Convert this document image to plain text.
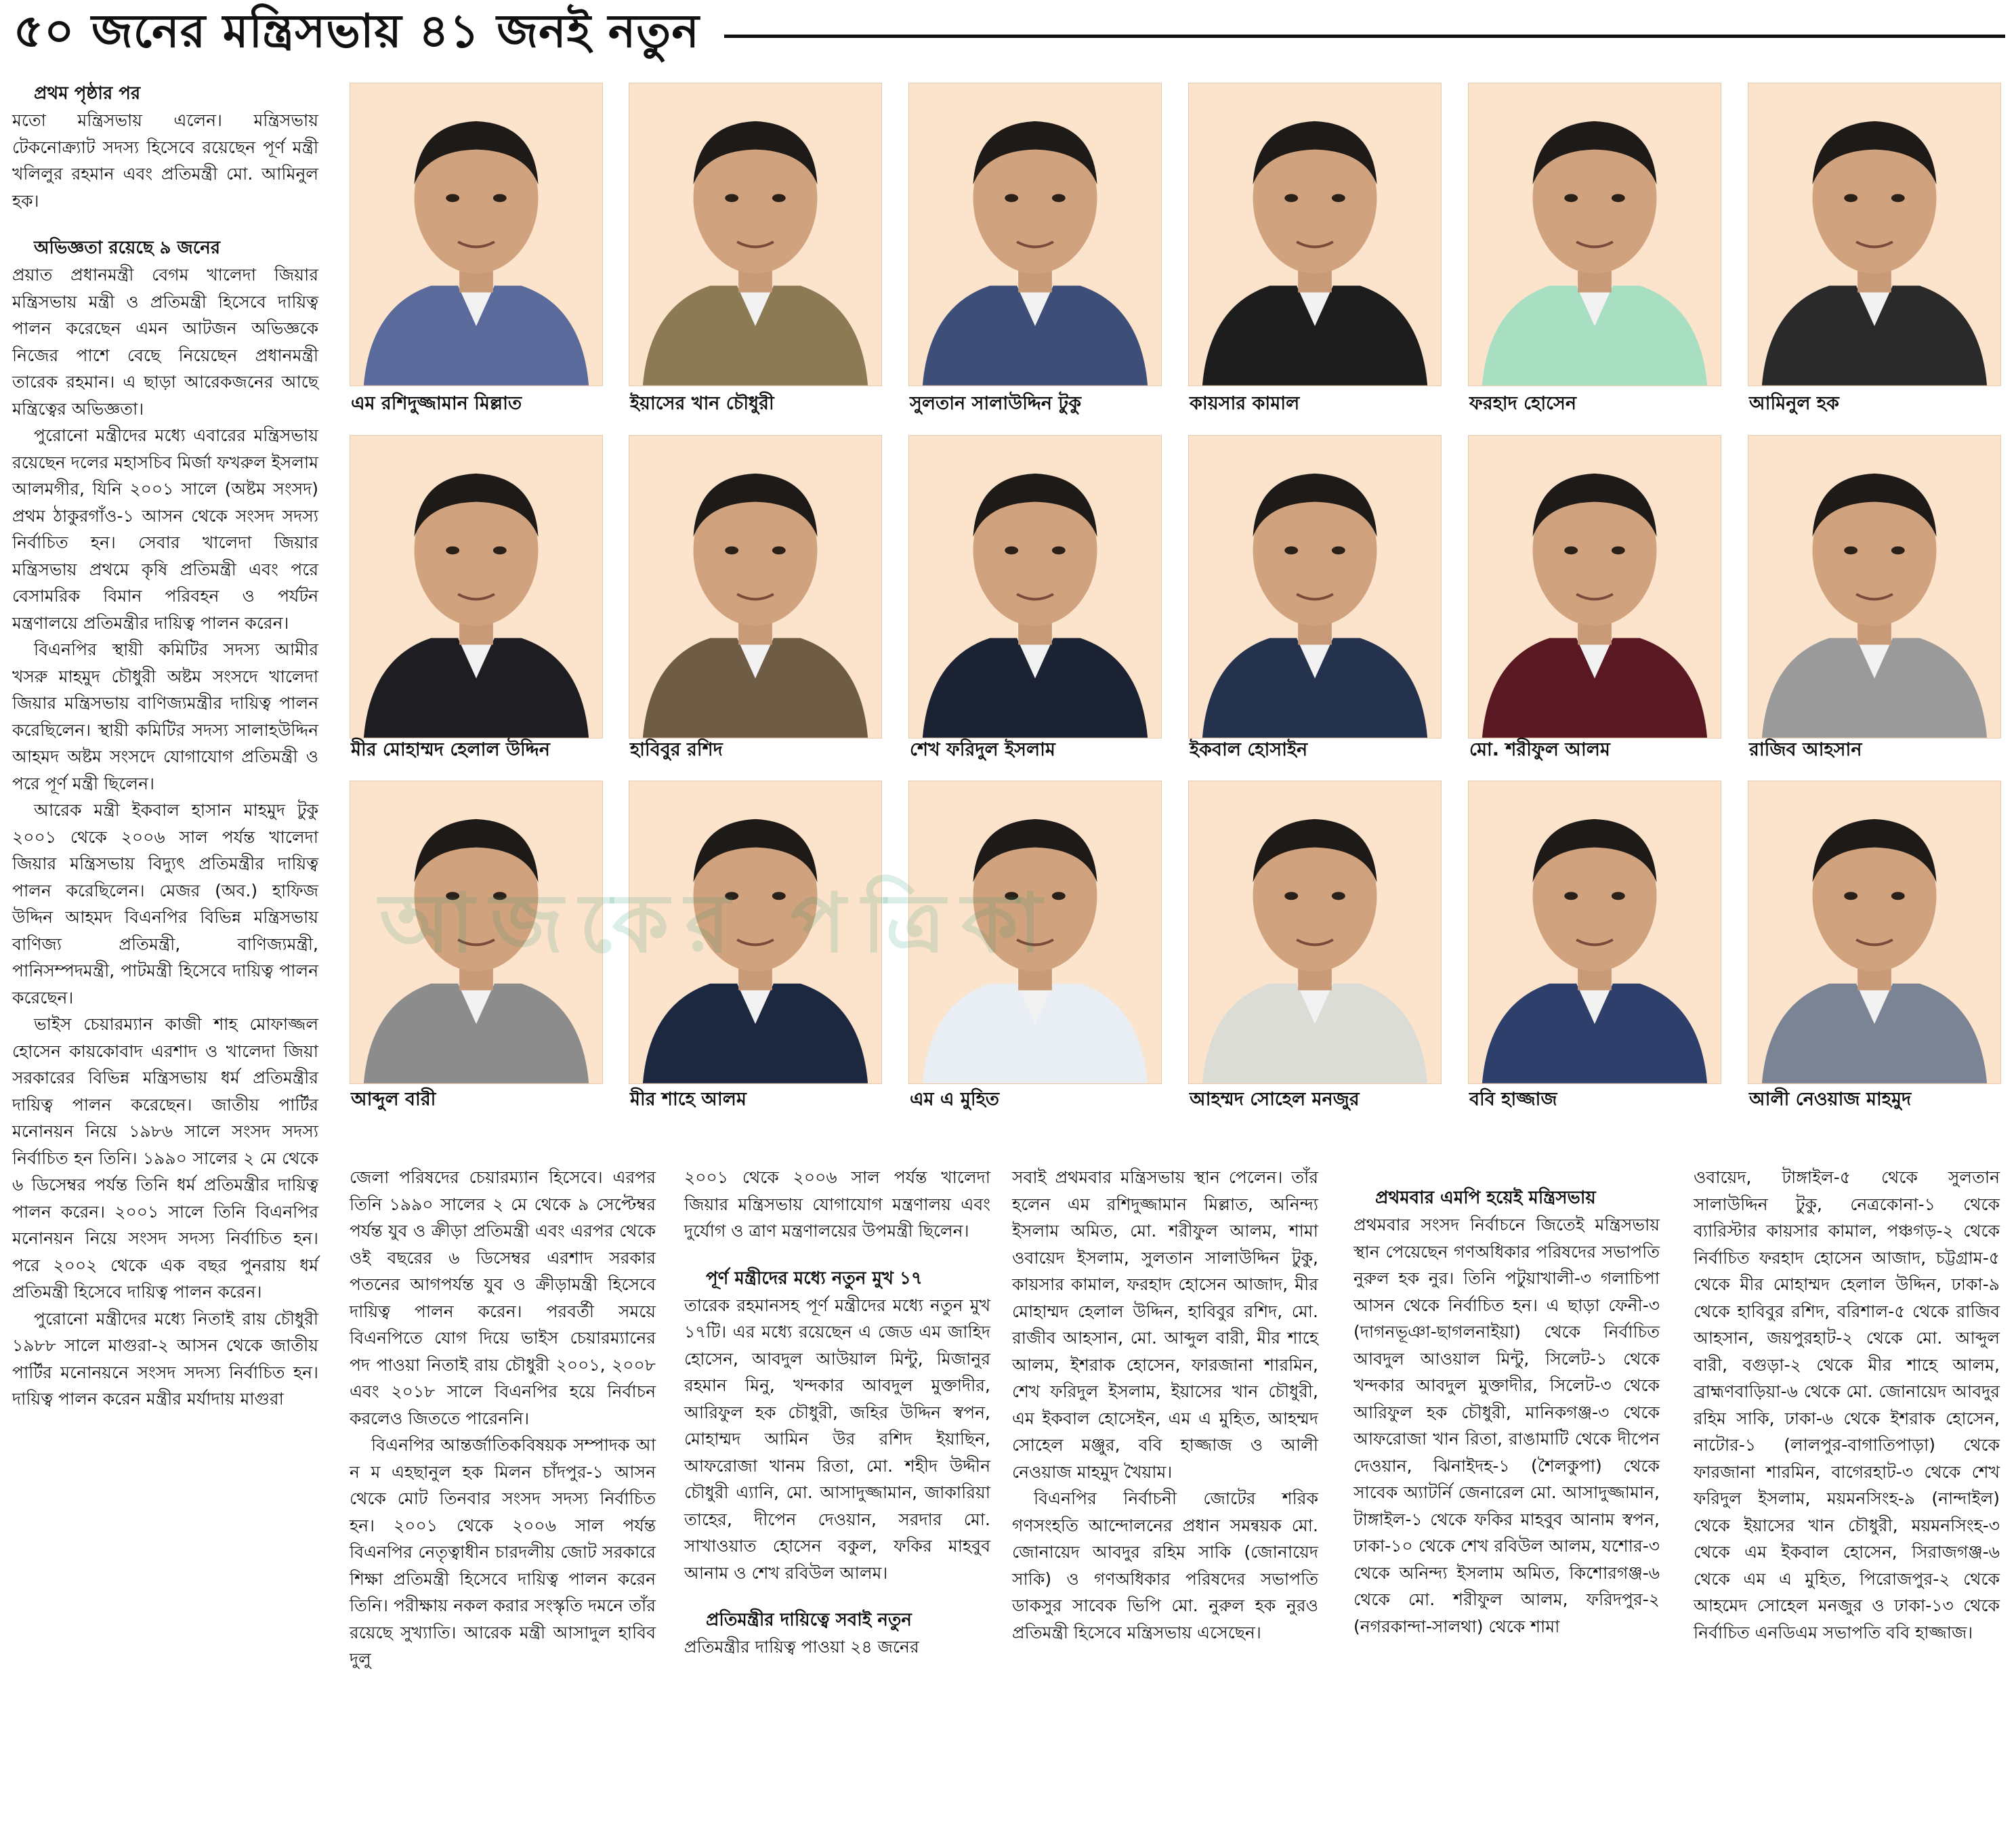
৫০ জনের মন্ত্রিসভায় ৪১ জনই নতুন

প্রথম পৃষ্ঠার পর

মতো মন্ত্রিসভায় এলেন। মন্ত্রিসভায় টেকনোক্র্যাট সদস্য হিসেবে রয়েছেন পূর্ণ মন্ত্রী খলিলুর রহমান এবং প্রতিমন্ত্রী মো. আমিনুল হক।

অভিজ্ঞতা রয়েছে ৯ জনের

প্রয়াত প্রধানমন্ত্রী বেগম খালেদা জিয়ার মন্ত্রিসভায় মন্ত্রী ও প্রতিমন্ত্রী হিসেবে দায়িত্ব পালন করেছেন এমন আটজন অভিজ্ঞকে নিজের পাশে বেছে নিয়েছেন প্রধানমন্ত্রী তারেক রহমান। এ ছাড়া আরেকজনের আছে মন্ত্রিত্বের অভিজ্ঞতা।

পুরোনো মন্ত্রীদের মধ্যে এবারের মন্ত্রিসভায় রয়েছেন দলের মহাসচিব মির্জা ফখরুল ইসলাম আলমগীর, যিনি ২০০১ সালে (অষ্টম সংসদ) প্রথম ঠাকুরগাঁও-১ আসন থেকে সংসদ সদস্য নির্বাচিত হন। সেবার খালেদা জিয়ার মন্ত্রিসভায় প্রথমে কৃষি প্রতিমন্ত্রী এবং পরে বেসামরিক বিমান পরিবহন ও পর্যটন মন্ত্রণালয়ে প্রতিমন্ত্রীর দায়িত্ব পালন করেন।

বিএনপির স্থায়ী কমিটির সদস্য আমীর খসরু মাহমুদ চৌধুরী অষ্টম সংসদে খালেদা জিয়ার মন্ত্রিসভায় বাণিজ্যমন্ত্রীর দায়িত্ব পালন করেছিলেন। স্থায়ী কমিটির সদস্য সালাহউদ্দিন আহমদ অষ্টম সংসদে যোগাযোগ প্রতিমন্ত্রী ও পরে পূর্ণ মন্ত্রী ছিলেন।

আরেক মন্ত্রী ইকবাল হাসান মাহমুদ টুকু ২০০১ থেকে ২০০৬ সাল পর্যন্ত খালেদা জিয়ার মন্ত্রিসভায় বিদ্যুৎ প্রতিমন্ত্রীর দায়িত্ব পালন করেছিলেন। মেজর (অব.) হাফিজ উদ্দিন আহমদ বিএনপির বিভিন্ন মন্ত্রিসভায় বাণিজ্য প্রতিমন্ত্রী, বাণিজ্যমন্ত্রী, পানিসম্পদমন্ত্রী, পাটমন্ত্রী হিসেবে দায়িত্ব পালন করেছেন।

ভাইস চেয়ারম্যান কাজী শাহ মোফাজ্জল হোসেন কায়কোবাদ এরশাদ ও খালেদা জিয়া সরকারের বিভিন্ন মন্ত্রিসভায় ধর্ম প্রতিমন্ত্রীর দায়িত্ব পালন করেছেন। জাতীয় পার্টির মনোনয়ন নিয়ে ১৯৮৬ সালে সংসদ সদস্য নির্বাচিত হন তিনি। ১৯৯০ সালের ২ মে থেকে ৬ ডিসেম্বর পর্যন্ত তিনি ধর্ম প্রতিমন্ত্রীর দায়িত্ব পালন করেন। ২০০১ সালে তিনি বিএনপির মনোনয়ন নিয়ে সংসদ সদস্য নির্বাচিত হন। পরে ২০০২ থেকে এক বছর পুনরায় ধর্ম প্রতিমন্ত্রী হিসেবে দায়িত্ব পালন করেন।

পুরোনো মন্ত্রীদের মধ্যে নিতাই রায় চৌধুরী ১৯৮৮ সালে মাগুরা-২ আসন থেকে জাতীয় পার্টির মনোনয়নে সংসদ সদস্য নির্বাচিত হন। দায়িত্ব পালন করেন মন্ত্রীর মর্যাদায় মাগুরা

এম রশিদুজ্জামান মিল্লাত	ইয়াসের খান চৌধুরী	সুলতান সালাউদ্দিন টুকু	কায়সার কামাল	ফরহাদ হোসেন	আমিনুল হক
মীর মোহাম্মদ হেলাল উদ্দিন	হাবিবুর রশিদ	শেখ ফরিদুল ইসলাম	ইকবাল হোসাইন	মো. শরীফুল আলম	রাজিব আহসান
আব্দুল বারী	মীর শাহে আলম	এম এ মুহিত	আহম্মদ সোহেল মনজুর	ববি হাজ্জাজ	আলী নেওয়াজ মাহমুদ

জেলা পরিষদের চেয়ারম্যান হিসেবে। এরপর তিনি ১৯৯০ সালের ২ মে থেকে ৯ সেপ্টেম্বর পর্যন্ত যুব ও ক্রীড়া প্রতিমন্ত্রী এবং এরপর থেকে ওই বছরের ৬ ডিসেম্বর এরশাদ সরকার পতনের আগপর্যন্ত যুব ও ক্রীড়ামন্ত্রী হিসেবে দায়িত্ব পালন করেন। পরবর্তী সময়ে বিএনপিতে যোগ দিয়ে ভাইস চেয়ারম্যানের পদ পাওয়া নিতাই রায় চৌধুরী ২০০১, ২০০৮ এবং ২০১৮ সালে বিএনপির হয়ে নির্বাচন করলেও জিততে পারেননি।

বিএনপির আন্তর্জাতিকবিষয়ক সম্পাদক আ ন ম এহছানুল হক মিলন চাঁদপুর-১ আসন থেকে মোট তিনবার সংসদ সদস্য নির্বাচিত হন। ২০০১ থেকে ২০০৬ সাল পর্যন্ত বিএনপির নেতৃত্বাধীন চারদলীয় জোট সরকারে শিক্ষা প্রতিমন্ত্রী হিসেবে দায়িত্ব পালন করেন তিনি। পরীক্ষায় নকল করার সংস্কৃতি দমনে তাঁর রয়েছে সুখ্যাতি। আরেক মন্ত্রী আসাদুল হাবিব দুলু

২০০১ থেকে ২০০৬ সাল পর্যন্ত খালেদা জিয়ার মন্ত্রিসভায় যোগাযোগ মন্ত্রণালয় এবং দুর্যোগ ও ত্রাণ মন্ত্রণালয়ের উপমন্ত্রী ছিলেন।

পূর্ণ মন্ত্রীদের মধ্যে নতুন মুখ ১৭

তারেক রহমানসহ পূর্ণ মন্ত্রীদের মধ্যে নতুন মুখ ১৭টি। এর মধ্যে রয়েছেন এ জেড এম জাহিদ হোসেন, আবদুল আউয়াল মিন্টু, মিজানুর রহমান মিনু, খন্দকার আবদুল মুক্তাদীর, আরিফুল হক চৌধুরী, জহির উদ্দিন স্বপন, মোহাম্মদ আমিন উর রশিদ ইয়াছিন, আফরোজা খানম রিতা, মো. শহীদ উদ্দীন চৌধুরী এ্যানি, মো. আসাদুজ্জামান, জাকারিয়া তাহের, দীপেন দেওয়ান, সরদার মো. সাখাওয়াত হোসেন বকুল, ফকির মাহবুব আনাম ও শেখ রবিউল আলম।

প্রতিমন্ত্রীর দায়িত্বে সবাই নতুন

প্রতিমন্ত্রীর দায়িত্ব পাওয়া ২৪ জনের

সবাই প্রথমবার মন্ত্রিসভায় স্থান পেলেন। তাঁর হলেন এম রশিদুজ্জামান মিল্লাত, অনিন্দ্য ইসলাম অমিত, মো. শরীফুল আলম, শামা ওবায়েদ ইসলাম, সুলতান সালাউদ্দিন টুকু, কায়সার কামাল, ফরহাদ হোসেন আজাদ, মীর মোহাম্মদ হেলাল উদ্দিন, হাবিবুর রশিদ, মো. রাজীব আহসান, মো. আব্দুল বারী, মীর শাহে আলম, ইশরাক হোসেন, ফারজানা শারমিন, শেখ ফরিদুল ইসলাম, ইয়াসের খান চৌধুরী, এম ইকবাল হোসেইন, এম এ মুহিত, আহম্মদ সোহেল মঞ্জুর, ববি হাজ্জাজ ও আলী নেওয়াজ মাহমুদ খৈয়াম।

বিএনপির নির্বাচনী জোটের শরিক গণসংহতি আন্দোলনের প্রধান সমন্বয়ক মো. জোনায়েদ আবদুর রহিম সাকি (জোনায়েদ সাকি) ও গণঅধিকার পরিষদের সভাপতি ডাকসুর সাবেক ভিপি মো. নুরুল হক নুরও প্রতিমন্ত্রী হিসেবে মন্ত্রিসভায় এসেছেন।

প্রথমবার এমপি হয়েই মন্ত্রিসভায়

প্রথমবার সংসদ নির্বাচনে জিতেই মন্ত্রিসভায় স্থান পেয়েছেন গণঅধিকার পরিষদের সভাপতি নুরুল হক নুর। তিনি পটুয়াখালী-৩ গলাচিপা আসন থেকে নির্বাচিত হন। এ ছাড়া ফেনী-৩ (দাগনভূঞা-ছাগলনাইয়া) থেকে নির্বাচিত আবদুল আওয়াল মিন্টু, সিলেট-১ থেকে খন্দকার আবদুল মুক্তাদীর, সিলেট-৩ থেকে আরিফুল হক চৌধুরী, মানিকগঞ্জ-৩ থেকে আফরোজা খান রিতা, রাঙামাটি থেকে দীপেন দেওয়ান, ঝিনাইদহ-১ (শৈলকুপা) থেকে সাবেক অ্যাটর্নি জেনারেল মো. আসাদুজ্জামান, টাঙ্গাইল-১ থেকে ফকির মাহবুব আনাম স্বপন, ঢাকা-১০ থেকে শেখ রবিউল আলম, যশোর-৩ থেকে অনিন্দ্য ইসলাম অমিত, কিশোরগঞ্জ-৬ থেকে মো. শরীফুল আলম, ফরিদপুর-২ (নগরকান্দা-সালথা) থেকে শামা

ওবায়েদ, টাঙ্গাইল-৫ থেকে সুলতান সালাউদ্দিন টুকু, নেত্রকোনা-১ থেকে ব্যারিস্টার কায়সার কামাল, পঞ্চগড়-২ থেকে নির্বাচিত ফরহাদ হোসেন আজাদ, চট্টগ্রাম-৫ থেকে মীর মোহাম্মদ হেলাল উদ্দিন, ঢাকা-৯ থেকে হাবিবুর রশিদ, বরিশাল-৫ থেকে রাজিব আহসান, জয়পুরহাট-২ থেকে মো. আব্দুল বারী, বগুড়া-২ থেকে মীর শাহে আলম, ব্রাহ্মণবাড়িয়া-৬ থেকে মো. জোনায়েদ আবদুর রহিম সাকি, ঢাকা-৬ থেকে ইশরাক হোসেন, নাটোর-১ (লালপুর-বাগাতিপাড়া) থেকে ফারজানা শারমিন, বাগেরহাট-৩ থেকে শেখ ফরিদুল ইসলাম, ময়মনসিংহ-৯ (নান্দাইল) থেকে ইয়াসের খান চৌধুরী, ময়মনসিংহ-৩ থেকে এম ইকবাল হোসেন, সিরাজগঞ্জ-৬ থেকে এম এ মুহিত, পিরোজপুর-২ থেকে আহমেদ সোহেল মনজুর ও ঢাকা-১৩ থেকে নির্বাচিত এনডিএম সভাপতি ববি হাজ্জাজ।
